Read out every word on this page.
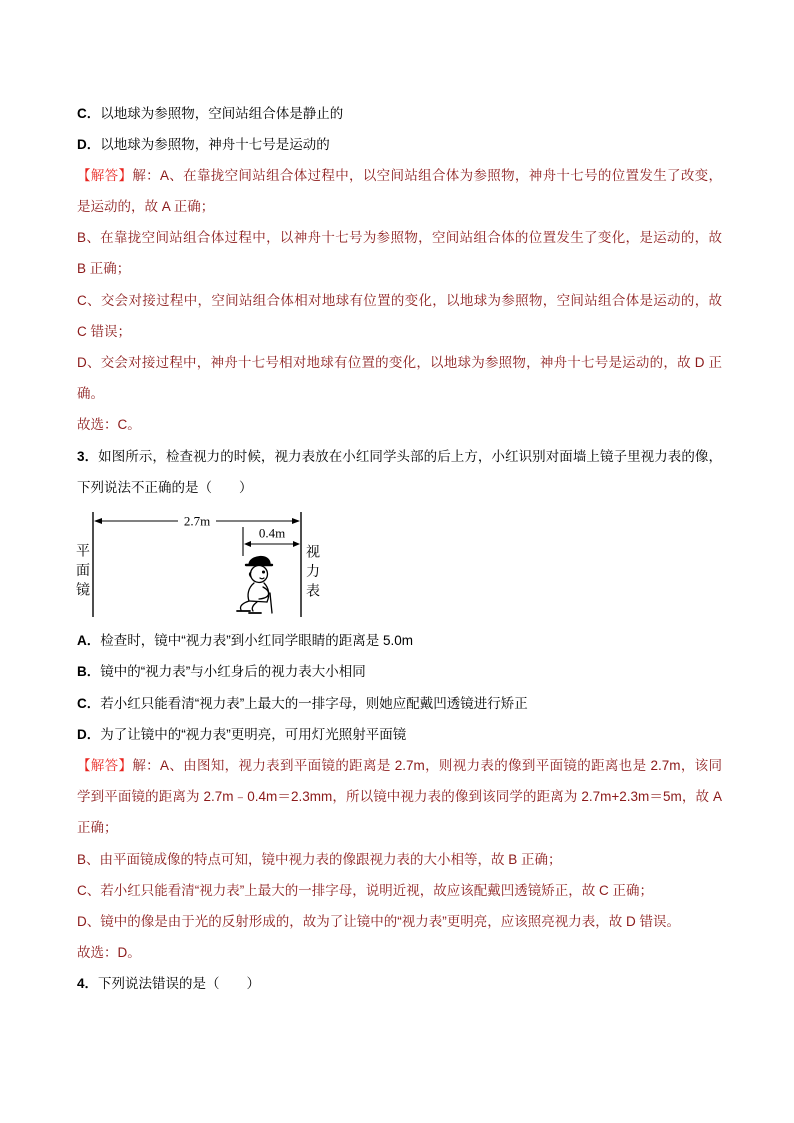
C．以地球为参照物，空间站组合体是静止的
D．以地球为参照物，神舟十七号是运动的
【解答】解：A、在靠拢空间站组合体过程中，以空间站组合体为参照物，神舟十七号的位置发生了改变，
是运动的，故 A 正确；
B、在靠拢空间站组合体过程中，以神舟十七号为参照物，空间站组合体的位置发生了变化，是运动的，故
B 正确；
C、交会对接过程中，空间站组合体相对地球有位置的变化，以地球为参照物，空间站组合体是运动的，故
C 错误；
D、交会对接过程中，神舟十七号相对地球有位置的变化，以地球为参照物，神舟十七号是运动的，故 D 正
确。
故选：C。
3．如图所示，检查视力的时候，视力表放在小红同学头部的后上方，小红识别对面墙上镜子里视力表的像，
下列说法不正确的是（　　）
2.7m
0.4m
平面镜	视力表
A．检查时，镜中“视力表”到小红同学眼睛的距离是 5.0m
B．镜中的“视力表”与小红身后的视力表大小相同
C．若小红只能看清“视力表”上最大的一排字母，则她应配戴凹透镜进行矫正
D．为了让镜中的“视力表”更明亮，可用灯光照射平面镜
【解答】解：A、由图知，视力表到平面镜的距离是 2.7m，则视力表的像到平面镜的距离也是 2.7m，该同
学到平面镜的距离为 2.7m﹣0.4m＝2.3mm，所以镜中视力表的像到该同学的距离为 2.7m+2.3m＝5m，故 A
正确；
B、由平面镜成像的特点可知，镜中视力表的像跟视力表的大小相等，故 B 正确；
C、若小红只能看清“视力表”上最大的一排字母，说明近视，故应该配戴凹透镜矫正，故 C 正确；
D、镜中的像是由于光的反射形成的，故为了让镜中的“视力表”更明亮，应该照亮视力表，故 D 错误。
故选：D。
4．下列说法错误的是（　　）
